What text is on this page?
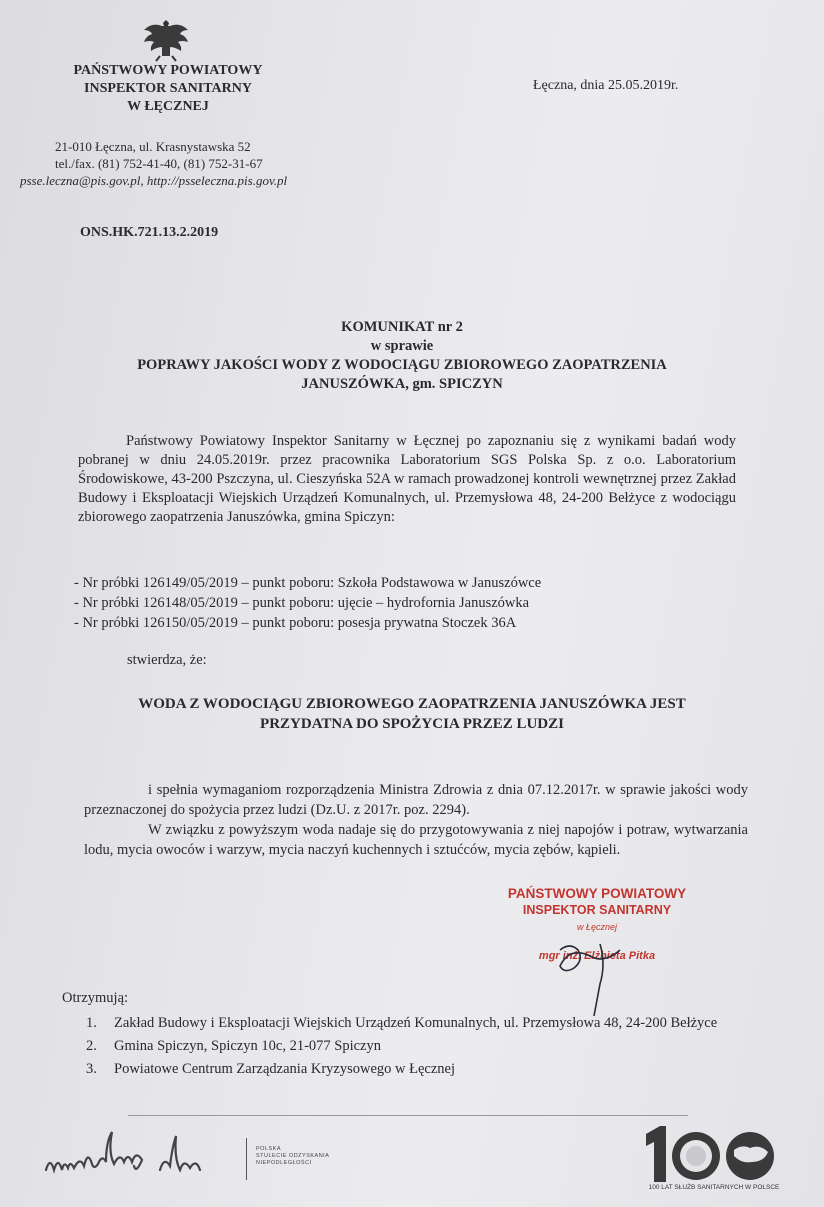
PAŃSTWOWY POWIATOWY
INSPEKTOR SANITARNY
W ŁĘCZNEJ
21-010 Łęczna, ul. Krasnystawska 52
tel./fax. (81) 752-41-40, (81) 752-31-67
psse.leczna@pis.gov.pl, http://psseleczna.pis.gov.pl
Łęczna, dnia 25.05.2019r.
ONS.HK.721.13.2.2019
KOMUNIKAT nr 2
w sprawie
POPRAWY JAKOŚCI WODY Z WODOCIĄGU ZBIOROWEGO ZAOPATRZENIA
JANUSZÓWKA, gm. SPICZYN
Państwowy Powiatowy Inspektor Sanitarny w Łęcznej po zapoznaniu się z wynikami badań wody pobranej w dniu 24.05.2019r. przez pracownika Laboratorium SGS Polska Sp. z o.o. Laboratorium Środowiskowe, 43-200 Pszczyna, ul. Cieszyńska 52A w ramach prowadzonej kontroli wewnętrznej przez Zakład Budowy i Eksploatacji Wiejskich Urządzeń Komunalnych, ul. Przemysłowa 48, 24-200 Bełżyce z wodociągu zbiorowego zaopatrzenia Januszówka, gmina Spiczyn:
- Nr próbki 126149/05/2019 – punkt poboru: Szkoła Podstawowa w Januszówce
- Nr próbki 126148/05/2019 – punkt poboru: ujęcie – hydrofornia Januszówka
- Nr próbki 126150/05/2019 – punkt poboru: posesja prywatna Stoczek 36A
stwierdza, że:
WODA Z WODOCIĄGU ZBIOROWEGO ZAOPATRZENIA JANUSZÓWKA JEST
PRZYDATNA DO SPOŻYCIA PRZEZ LUDZI
i spełnia wymaganiom rozporządzenia Ministra Zdrowia z dnia 07.12.2017r. w sprawie jakości wody przeznaczonej do spożycia przez ludzi (Dz.U. z 2017r. poz. 2294).
W związku z powyższym woda nadaje się do przygotowywania z niej napojów i potraw, wytwarzania lodu, mycia owoców i warzyw, mycia naczyń kuchennych i sztućców, mycia zębów, kąpieli.
PAŃSTWOWY POWIATOWY
INSPEKTOR SANITARNY
w Łęcznej
mgr inż. Elżbieta Pitka
Otrzymują:
1. Zakład Budowy i Eksploatacji Wiejskich Urządzeń Komunalnych, ul. Przemysłowa 48, 24-200 Bełżyce
2. Gmina Spiczyn, Spiczyn 10c, 21-077 Spiczyn
3. Powiatowe Centrum Zarządzania Kryzysowego w Łęcznej
POLSKA
STULECIE ODZYSKANIA
NIEPODLEGŁOŚCI
100 LAT SŁUŻB SANITARNYCH W POLSCE
